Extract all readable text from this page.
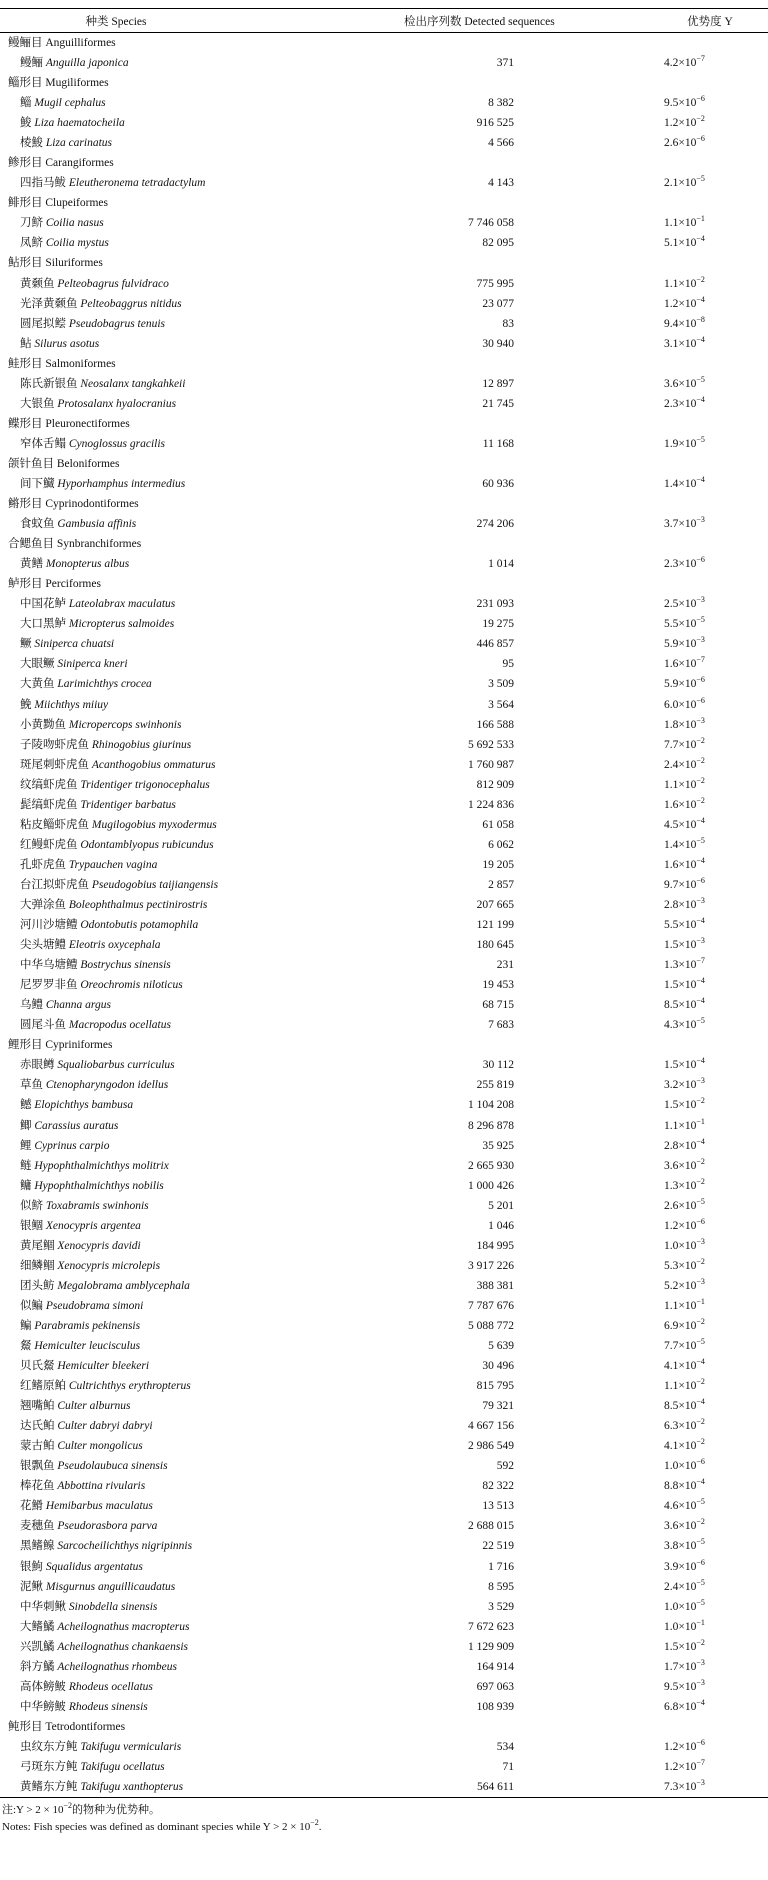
种类 Species	检出序列数 Detected sequences	优势度 Y
鳗鲡目 Anguilliformes		
鳗鲡 Anguilla japonica	371	$4.2\times 10^{-7}$
鲻形目 Mugiliformes		
鲻 Mugil cephalus	8 382	$9.5\times 10^{-6}$
鮻 Liza haematocheila	916 525	$1.2\times 10^{-2}$
棱鮻 Liza carinatus	4 566	$2.6\times 10^{-6}$
鲹形目 Carangiformes		
四指马鲅 Eleutheronema tetradactylum	4 143	$2.1\times 10^{-5}$
鲱形目 Clupeiformes		
刀鲚 Coilia nasus	7 746 058	$1.1\times 10^{-1}$
凤鲚 Coilia mystus	82 095	$5.1\times 10^{-4}$
鲇形目 Siluriformes		
黄颡鱼 Pelteobagrus fulvidraco	775 995	$1.1\times 10^{-2}$
光泽黄颡鱼 Pelteobaggrus nitidus	23 077	$1.2\times 10^{-4}$
圆尾拟鲿 Pseudobagrus tenuis	83	$9.4\times 10^{-8}$
鲇 Silurus asotus	30 940	$3.1\times 10^{-4}$
鲑形目 Salmoniformes		
陈氏新银鱼 Neosalanx tangkahkeii	12 897	$3.6\times 10^{-5}$
大银鱼 Protosalanx hyalocranius	21 745	$2.3\times 10^{-4}$
鲽形目 Pleuronectiformes		
窄体舌鳎 Cynoglossus gracilis	11 168	$1.9\times 10^{-5}$
颌针鱼目 Beloniformes		
间下鱵 Hyporhamphus intermedius	60 936	$1.4\times 10^{-4}$
鳉形目 Cyprinodontiformes		
食蚊鱼 Gambusia affinis	274 206	$3.7\times 10^{-3}$
合鳃鱼目 Synbranchiformes		
黄鳝 Monopterus albus	1 014	$2.3\times 10^{-6}$
鲈形目 Perciformes		
中国花鲈 Lateolabrax maculatus	231 093	$2.5\times 10^{-3}$
大口黑鲈 Micropterus salmoides	19 275	$5.5\times 10^{-5}$
鳜 Siniperca chuatsi	446 857	$5.9\times 10^{-3}$
大眼鳜 Siniperca kneri	95	$1.6\times 10^{-7}$
大黄鱼 Larimichthys crocea	3 509	$5.9\times 10^{-6}$
鮸 Miichthys miiuy	3 564	$6.0\times 10^{-6}$
小黄黝鱼 Micropercops swinhonis	166 588	$1.8\times 10^{-3}$
子陵吻虾虎鱼 Rhinogobius giurinus	5 692 533	$7.7\times 10^{-2}$
斑尾刺虾虎鱼 Acanthogobius ommaturus	1 760 987	$2.4\times 10^{-2}$
纹缟虾虎鱼 Tridentiger trigonocephalus	812 909	$1.1\times 10^{-2}$
髭缟虾虎鱼 Tridentiger barbatus	1 224 836	$1.6\times 10^{-2}$
粘皮鲻虾虎鱼 Mugilogobius myxodermus	61 058	$4.5\times 10^{-4}$
红鳗虾虎鱼 Odontamblyopus rubicundus	6 062	$1.4\times 10^{-5}$
孔虾虎鱼 Trypauchen vagina	19 205	$1.6\times 10^{-4}$
台江拟虾虎鱼 Pseudogobius taijiangensis	2 857	$9.7\times 10^{-6}$
大弹涂鱼 Boleophthalmus pectinirostris	207 665	$2.8\times 10^{-3}$
河川沙塘鳢 Odontobutis potamophila	121 199	$5.5\times 10^{-4}$
尖头塘鳢 Eleotris oxycephala	180 645	$1.5\times 10^{-3}$
中华乌塘鳢 Bostrychus sinensis	231	$1.3\times 10^{-7}$
尼罗罗非鱼 Oreochromis niloticus	19 453	$1.5\times 10^{-4}$
乌鳢 Channa argus	68 715	$8.5\times 10^{-4}$
圆尾斗鱼 Macropodus ocellatus	7 683	$4.3\times 10^{-5}$
鲤形目 Cypriniformes		
赤眼鳟 Squaliobarbus curriculus	30 112	$1.5\times 10^{-4}$
草鱼 Ctenopharyngodon idellus	255 819	$3.2\times 10^{-3}$
鳡 Elopichthys bambusa	1 104 208	$1.5\times 10^{-2}$
鲫 Carassius auratus	8 296 878	$1.1\times 10^{-1}$
鲤 Cyprinus carpio	35 925	$2.8\times 10^{-4}$
鲢 Hypophthalmichthys molitrix	2 665 930	$3.6\times 10^{-2}$
鳙 Hypophthalmichthys nobilis	1 000 426	$1.3\times 10^{-2}$
似鲚 Toxabramis swinhonis	5 201	$2.6\times 10^{-5}$
银鲴 Xenocypris argentea	1 046	$1.2\times 10^{-6}$
黄尾鲴 Xenocypris davidi	184 995	$1.0\times 10^{-3}$
细鳞鲴 Xenocypris microlepis	3 917 226	$5.3\times 10^{-2}$
团头鲂 Megalobrama amblycephala	388 381	$5.2\times 10^{-3}$
似鳊 Pseudobrama simoni	7 787 676	$1.1\times 10^{-1}$
鳊 Parabramis pekinensis	5 088 772	$6.9\times 10^{-2}$
䱗 Hemiculter leucisculus	5 639	$7.7\times 10^{-5}$
贝氏䱗 Hemiculter bleekeri	30 496	$4.1\times 10^{-4}$
红鳍原鲌 Cultrichthys erythropterus	815 795	$1.1\times 10^{-2}$
翘嘴鲌 Culter alburnus	79 321	$8.5\times 10^{-4}$
达氏鲌 Culter dabryi dabryi	4 667 156	$6.3\times 10^{-2}$
蒙古鲌 Culter mongolicus	2 986 549	$4.1\times 10^{-2}$
银飘鱼 Pseudolaubuca sinensis	592	$1.0\times 10^{-6}$
棒花鱼 Abbottina rivularis	82 322	$8.8\times 10^{-4}$
花䱻 Hemibarbus maculatus	13 513	$4.6\times 10^{-5}$
麦穗鱼 Pseudorasbora parva	2 688 015	$3.6\times 10^{-2}$
黑鳍鳈 Sarcocheilichthys nigripinnis	22 519	$3.8\times 10^{-5}$
银鮈 Squalidus argentatus	1 716	$3.9\times 10^{-6}$
泥鳅 Misgurnus anguillicaudatus	8 595	$2.4\times 10^{-5}$
中华刺鳅 Sinobdella sinensis	3 529	$1.0\times 10^{-5}$
大鳍鱊 Acheilognathus macropterus	7 672 623	$1.0\times 10^{-1}$
兴凯鱊 Acheilognathus chankaensis	1 129 909	$1.5\times 10^{-2}$
斜方鱊 Acheilognathus rhombeus	164 914	$1.7\times 10^{-3}$
高体鳑鲏 Rhodeus ocellatus	697 063	$9.5\times 10^{-3}$
中华鳑鲏 Rhodeus sinensis	108 939	$6.8\times 10^{-4}$
鲀形目 Tetrodontiformes		
虫纹东方鲀 Takifugu vermicularis	534	$1.2\times 10^{-6}$
弓斑东方鲀 Takifugu ocellatus	71	$1.2\times 10^{-7}$
黄鳍东方鲀 Takifugu xanthopterus	564 611	$7.3\times 10^{-3}$
注:Y > $2 \times 10^{-2}$的物种为优势种。
Notes: Fish species was defined as dominant species while $Y > 2 \times 10^{-2}$.
